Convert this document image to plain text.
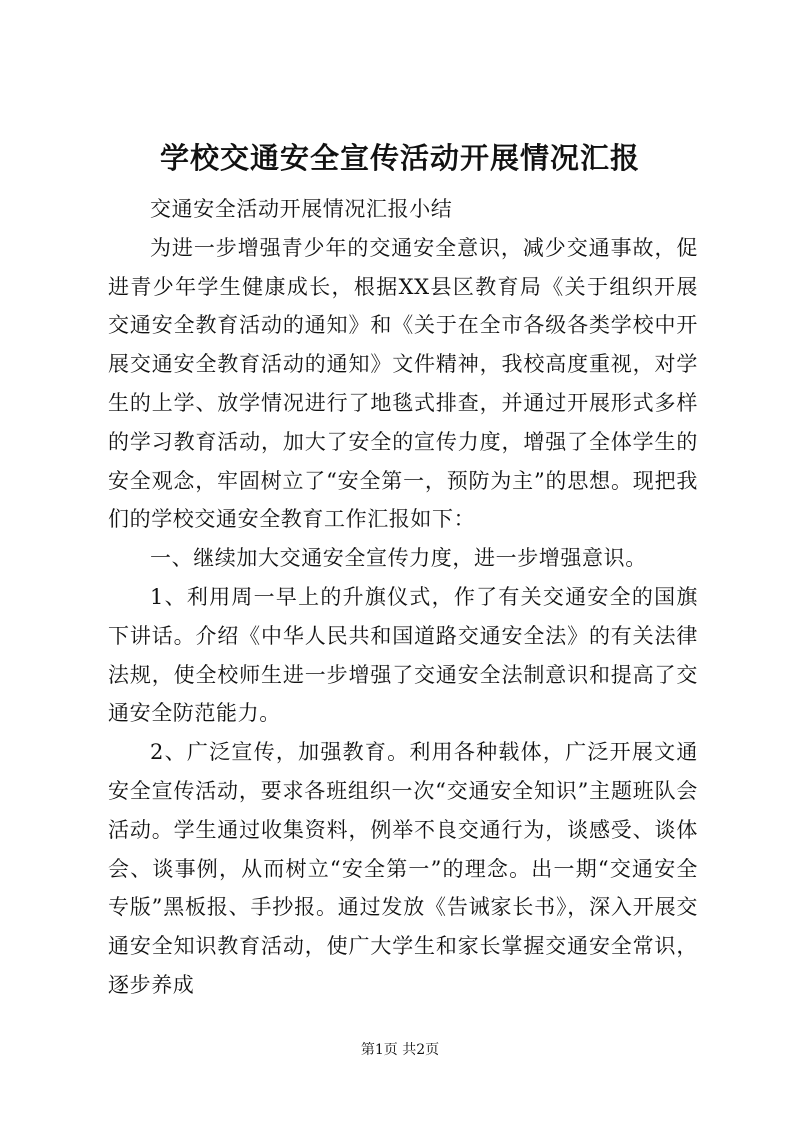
学校交通安全宣传活动开展情况汇报

交通安全活动开展情况汇报小结

为进一步增强青少年的交通安全意识，减少交通事故，促进青少年学生健康成长，根据XX县区教育局《关于组织开展交通安全教育活动的通知》和《关于在全市各级各类学校中开展交通安全教育活动的通知》文件精神，我校高度重视，对学生的上学、放学情况进行了地毯式排查，并通过开展形式多样的学习教育活动，加大了安全的宣传力度，增强了全体学生的安全观念，牢固树立了“安全第一，预防为主”的思想。现把我们的学校交通安全教育工作汇报如下：

一、继续加大交通安全宣传力度，进一步增强意识。

1、利用周一早上的升旗仪式，作了有关交通安全的国旗下讲话。介绍《中华人民共和国道路交通安全法》的有关法律法规，使全校师生进一步增强了交通安全法制意识和提高了交通安全防范能力。

2、广泛宣传，加强教育。利用各种载体，广泛开展文通安全宣传活动，要求各班组织一次“交通安全知识”主题班队会活动。学生通过收集资料，例举不良交通行为，谈感受、谈体会、谈事例，从而树立“安全第一”的理念。出一期“交通安全专版”黑板报、手抄报。通过发放《告诫家长书》，深入开展交通安全知识教育活动，使广大学生和家长掌握交通安全常识，逐步养成

第1页 共2页
